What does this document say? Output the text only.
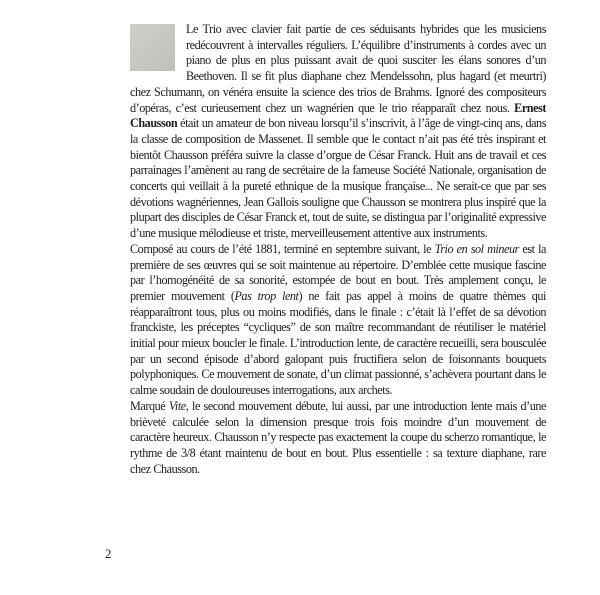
Le Trio avec clavier fait partie de ces séduisants hybrides que les musiciens redécouvrent à intervalles réguliers. L’équilibre d’instruments à cordes avec un piano de plus en plus puissant avait de quoi susciter les élans sonores d’un Beethoven. Il se fit plus diaphane chez Mendelssohn, plus hagard (et meurtri) chez Schumann, on vénéra ensuite la science des trios de Brahms. Ignoré des compositeurs d’opéras, c’est curieusement chez un wagnérien que le trio réapparaît chez nous. Ernest Chausson était un amateur de bon niveau lorsqu’il s’inscrivit, à l’âge de vingt-cinq ans, dans la classe de composition de Massenet. Il semble que le contact n’ait pas été très inspirant et bientôt Chausson préféra suivre la classe d’orgue de César Franck. Huit ans de travail et ces parrainages l’amènent au rang de secrétaire de la fameuse Société Nationale, organisation de concerts qui veillait à la pureté ethnique de la musique française... Ne serait-ce que par ses dévotions wagnériennes, Jean Gallois souligne que Chausson se montrera plus inspiré que la plupart des disciples de César Franck et, tout de suite, se distingua par l’originalité expressive d’une musique mélodieuse et triste, merveilleusement attentive aux instruments.

Composé au cours de l’été 1881, terminé en septembre suivant, le Trio en sol mineur est la première de ses œuvres qui se soit maintenue au répertoire. D’emblée cette musique fascine par l’homogénéité de sa sonorité, estompée de bout en bout. Très amplement conçu, le premier mouvement (Pas trop lent) ne fait pas appel à moins de quatre thèmes qui réapparaîtront tous, plus ou moins modifiés, dans le finale : c’était là l’effet de sa dévotion franckiste, les préceptes “cycliques” de son maître recommandant de réutiliser le matériel initial pour mieux boucler le finale. L’introduction lente, de caractère recueilli, sera bousculée par un second épisode d’abord galopant puis fructifiera selon de foisonnants bouquets polyphoniques. Ce mouvement de sonate, d’un climat passionné, s’achèvera pourtant dans le calme soudain de douloureuses interrogations, aux archets.

Marqué Vite, le second mouvement débute, lui aussi, par une introduction lente mais d’une brièveté calculée selon la dimension presque trois fois moindre d’un mouvement de caractère heureux. Chausson n’y respecte pas exactement la coupe du scherzo romantique, le rythme de 3/8 étant maintenu de bout en bout. Plus essentielle : sa texture diaphane, rare chez Chausson.

2
